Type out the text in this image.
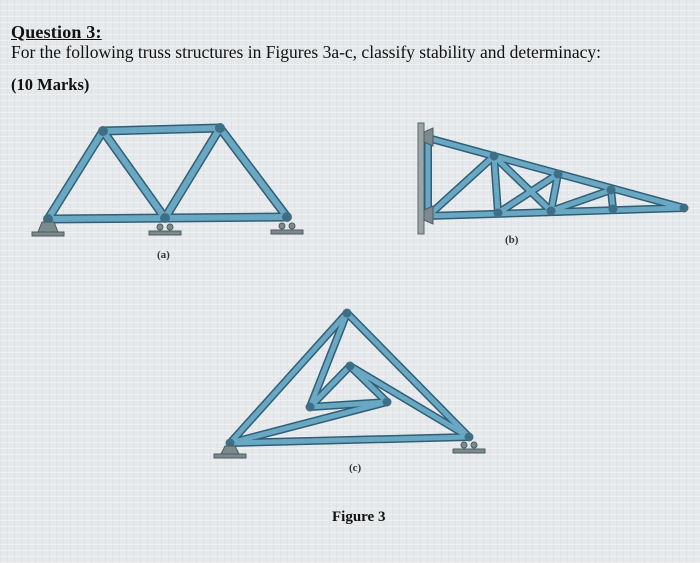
Question 3:
For the following truss structures in Figures 3a-c, classify stability and determinacy:
(10 Marks)
(a)
(b)
(c)
Figure 3
